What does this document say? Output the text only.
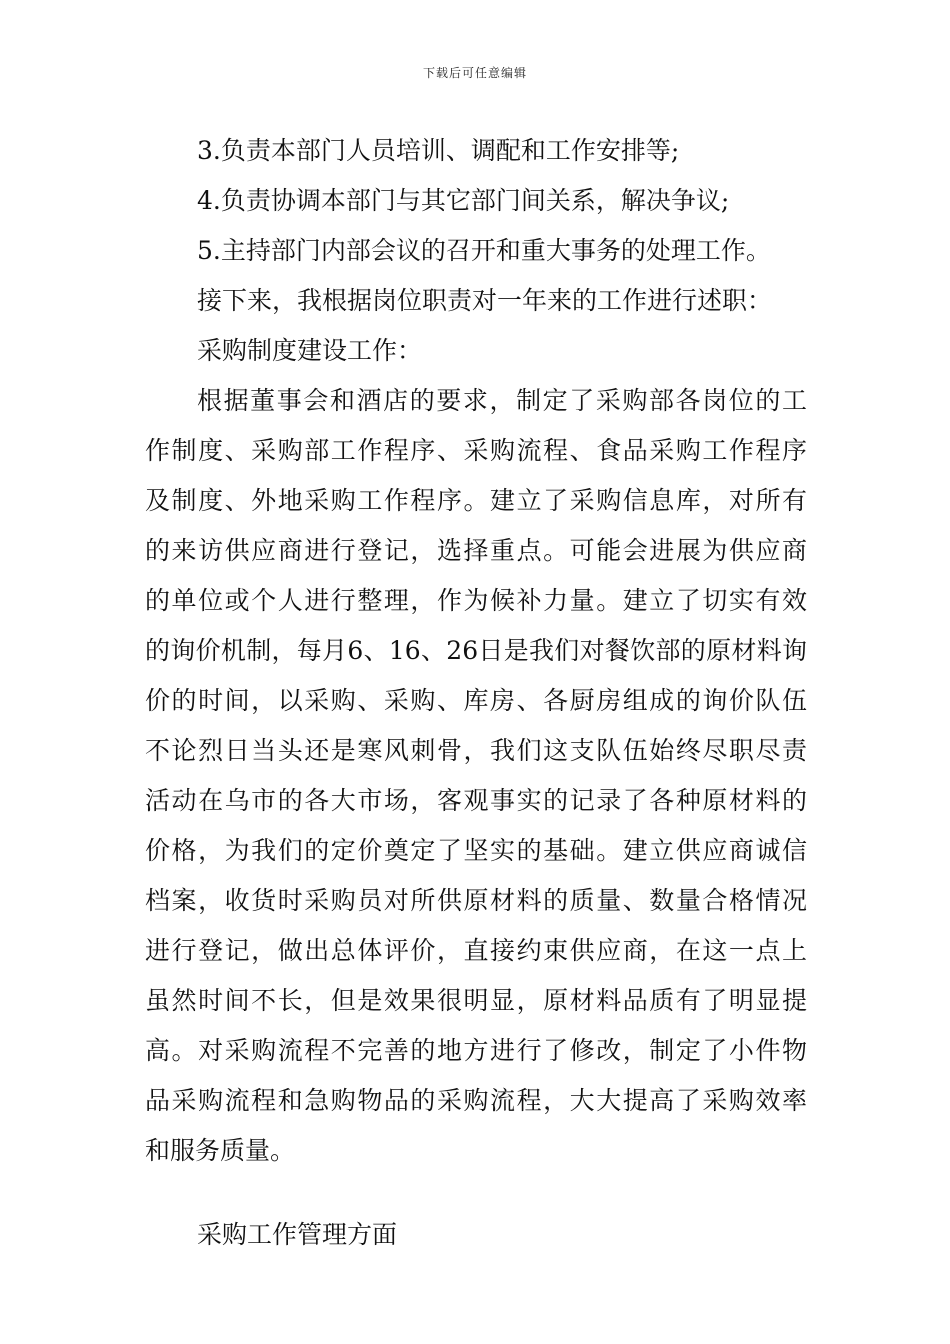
下载后可任意编辑
3.负责本部门人员培训、调配和工作安排等;
4.负责协调本部门与其它部门间关系，解决争议;
5.主持部门内部会议的召开和重大事务的处理工作。
接下来，我根据岗位职责对一年来的工作进行述职：
采购制度建设工作：
根据董事会和酒店的要求，制定了采购部各岗位的工
作制度、采购部工作程序、采购流程、食品采购工作程序
及制度、外地采购工作程序。建立了采购信息库，对所有
的来访供应商进行登记，选择重点。可能会进展为供应商
的单位或个人进行整理，作为候补力量。建立了切实有效
的询价机制，每月6、16、26日是我们对餐饮部的原材料询
价的时间，以采购、采购、库房、各厨房组成的询价队伍
不论烈日当头还是寒风刺骨，我们这支队伍始终尽职尽责
活动在乌市的各大市场，客观事实的记录了各种原材料的
价格，为我们的定价奠定了坚实的基础。建立供应商诚信
档案，收货时采购员对所供原材料的质量、数量合格情况
进行登记，做出总体评价，直接约束供应商，在这一点上
虽然时间不长，但是效果很明显，原材料品质有了明显提
高。对采购流程不完善的地方进行了修改，制定了小件物
品采购流程和急购物品的采购流程，大大提高了采购效率
和服务质量。
采购工作管理方面
